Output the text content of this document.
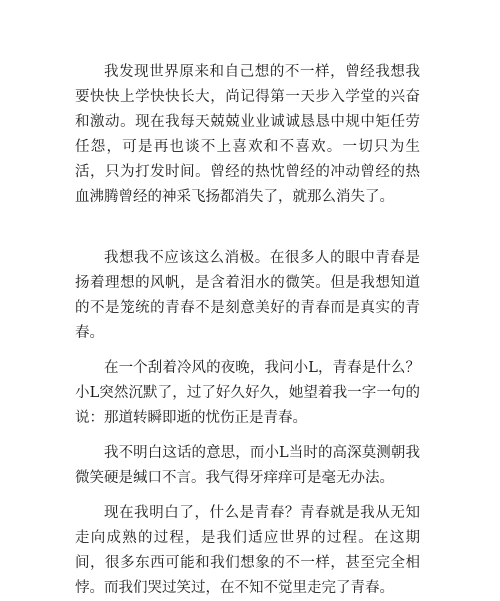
我发现世界原来和自己想的不一样，曾经我想我要快快上学快快长大，尚记得第一天步入学堂的兴奋和激动。现在我每天兢兢业业诚诚恳恳中规中矩任劳任怨，可是再也谈不上喜欢和不喜欢。一切只为生活，只为打发时间。曾经的热忱曾经的冲动曾经的热血沸腾曾经的神采飞扬都消失了，就那么消失了。

我想我不应该这么消极。在很多人的眼中青春是扬着理想的风帆，是含着泪水的微笑。但是我想知道的不是笼统的青春不是刻意美好的青春而是真实的青春。

在一个刮着冷风的夜晚，我问小L，青春是什么？小L突然沉默了，过了好久好久，她望着我一字一句的说：那道转瞬即逝的忧伤正是青春。

我不明白这话的意思，而小L当时的高深莫测朝我微笑硬是缄口不言。我气得牙痒痒可是毫无办法。

现在我明白了，什么是青春？青春就是我从无知走向成熟的过程，是我们适应世界的过程。在这期间，很多东西可能和我们想象的不一样，甚至完全相悖。而我们哭过笑过，在不知不觉里走完了青春。
